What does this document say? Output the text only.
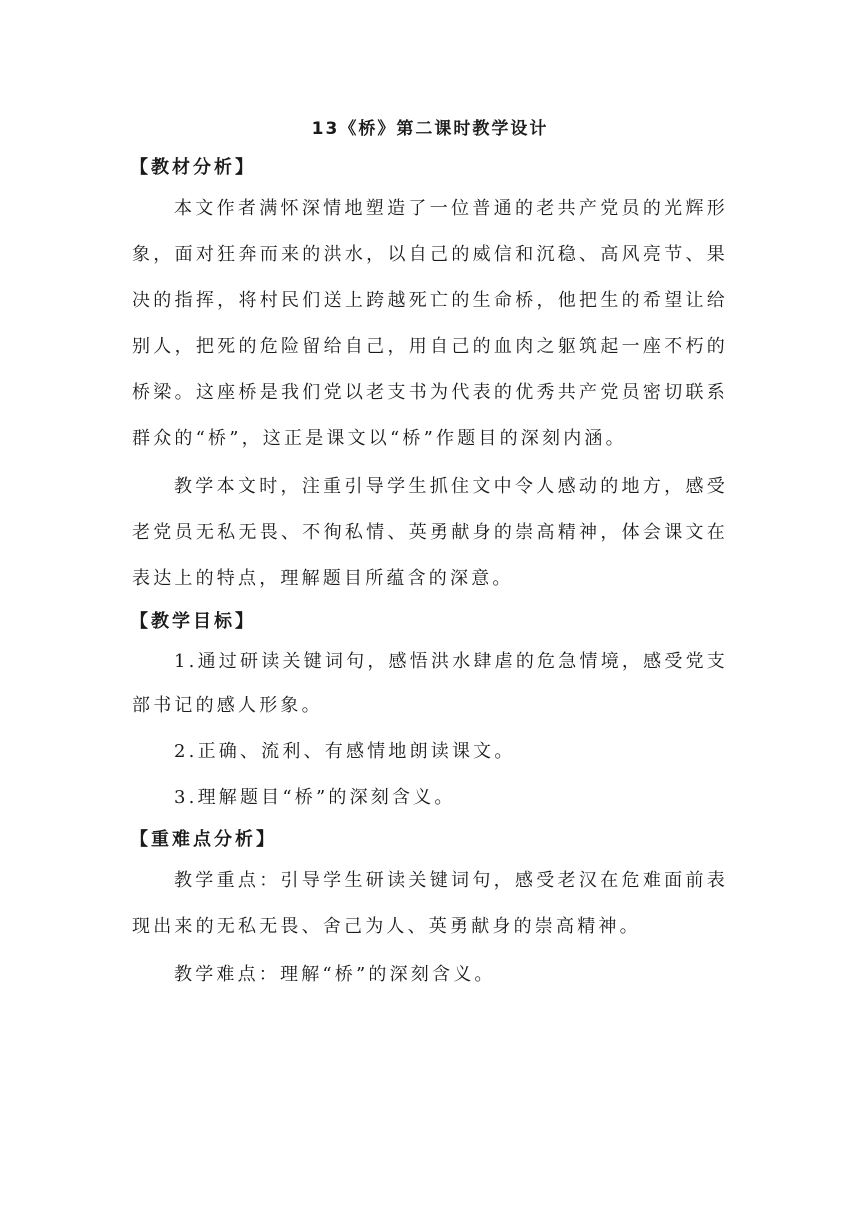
13《桥》第二课时教学设计
【教材分析】

本文作者满怀深情地塑造了一位普通的老共产党员的光辉形象，面对狂奔而来的洪水，以自己的威信和沉稳、高风亮节、果决的指挥，将村民们送上跨越死亡的生命桥，他把生的希望让给别人，把死的危险留给自己，用自己的血肉之躯筑起一座不朽的桥梁。这座桥是我们党以老支书为代表的优秀共产党员密切联系群众的“桥”，这正是课文以“桥”作题目的深刻内涵。

教学本文时，注重引导学生抓住文中令人感动的地方，感受老党员无私无畏、不徇私情、英勇献身的崇高精神，体会课文在表达上的特点，理解题目所蕴含的深意。

【教学目标】

1.通过研读关键词句，感悟洪水肆虐的危急情境，感受党支部书记的感人形象。

2.正确、流利、有感情地朗读课文。

3.理解题目“桥”的深刻含义。

【重难点分析】

教学重点：引导学生研读关键词句，感受老汉在危难面前表现出来的无私无畏、舍己为人、英勇献身的崇高精神。

教学难点：理解“桥”的深刻含义。
